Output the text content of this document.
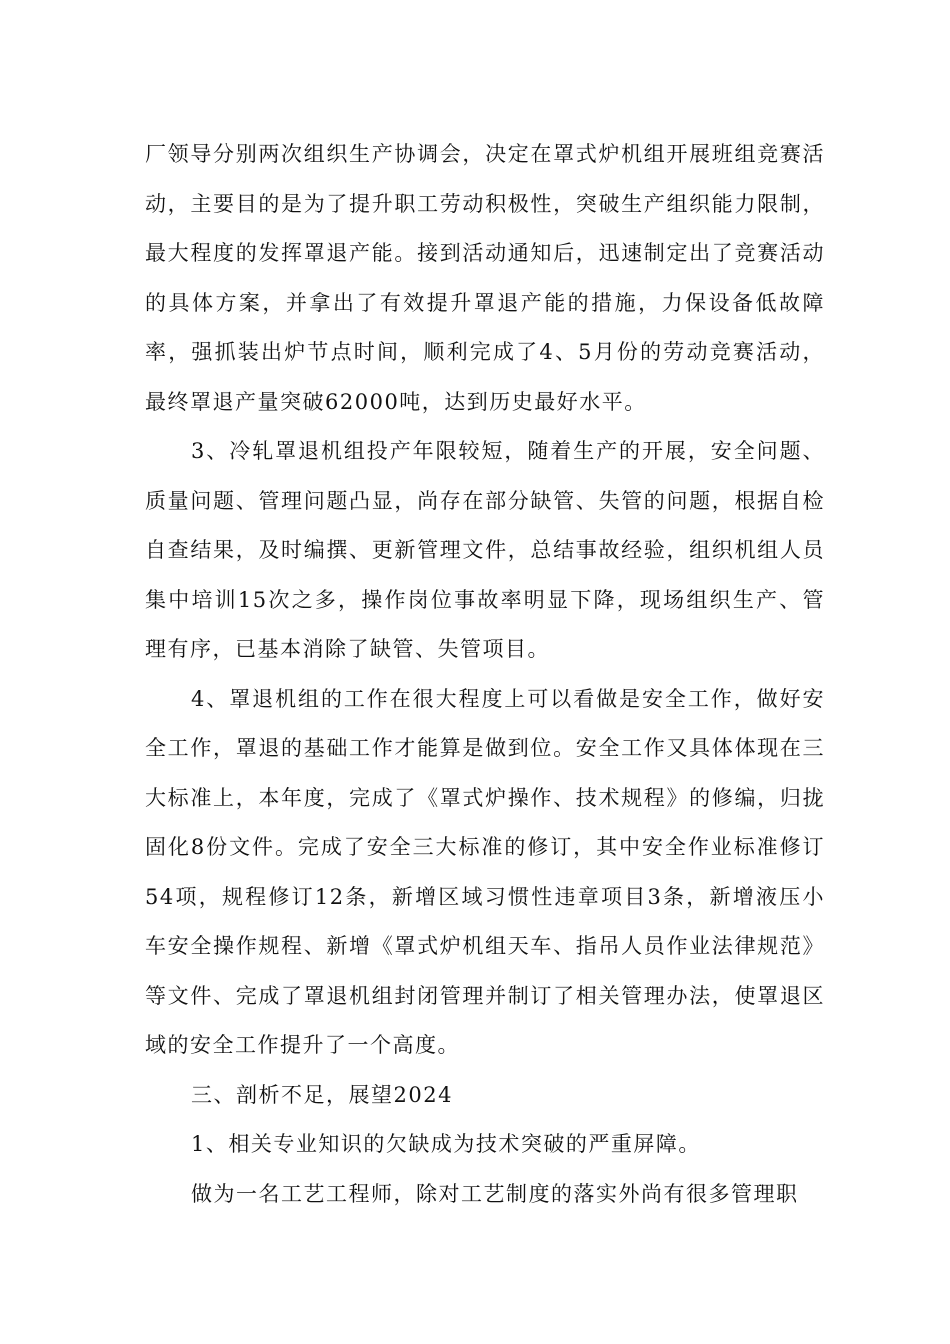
厂领导分别两次组织生产协调会，决定在罩式炉机组开展班组竞赛活动，主要目的是为了提升职工劳动积极性，突破生产组织能力限制，最大程度的发挥罩退产能。接到活动通知后，迅速制定出了竞赛活动的具体方案，并拿出了有效提升罩退产能的措施，力保设备低故障率，强抓装出炉节点时间，顺利完成了4、5月份的劳动竞赛活动，最终罩退产量突破62000吨，达到历史最好水平。

3、冷轧罩退机组投产年限较短，随着生产的开展，安全问题、质量问题、管理问题凸显，尚存在部分缺管、失管的问题，根据自检自查结果，及时编撰、更新管理文件，总结事故经验，组织机组人员集中培训15次之多，操作岗位事故率明显下降，现场组织生产、管理有序，已基本消除了缺管、失管项目。

4、罩退机组的工作在很大程度上可以看做是安全工作，做好安全工作，罩退的基础工作才能算是做到位。安全工作又具体体现在三大标准上，本年度，完成了《罩式炉操作、技术规程》的修编，归拢固化8份文件。完成了安全三大标准的修订，其中安全作业标准修订54项，规程修订12条，新增区域习惯性违章项目3条，新增液压小车安全操作规程、新增《罩式炉机组天车、指吊人员作业法律规范》等文件、完成了罩退机组封闭管理并制订了相关管理办法，使罩退区域的安全工作提升了一个高度。

三、剖析不足，展望2024

1、相关专业知识的欠缺成为技术突破的严重屏障。

做为一名工艺工程师，除对工艺制度的落实外尚有很多管理职
